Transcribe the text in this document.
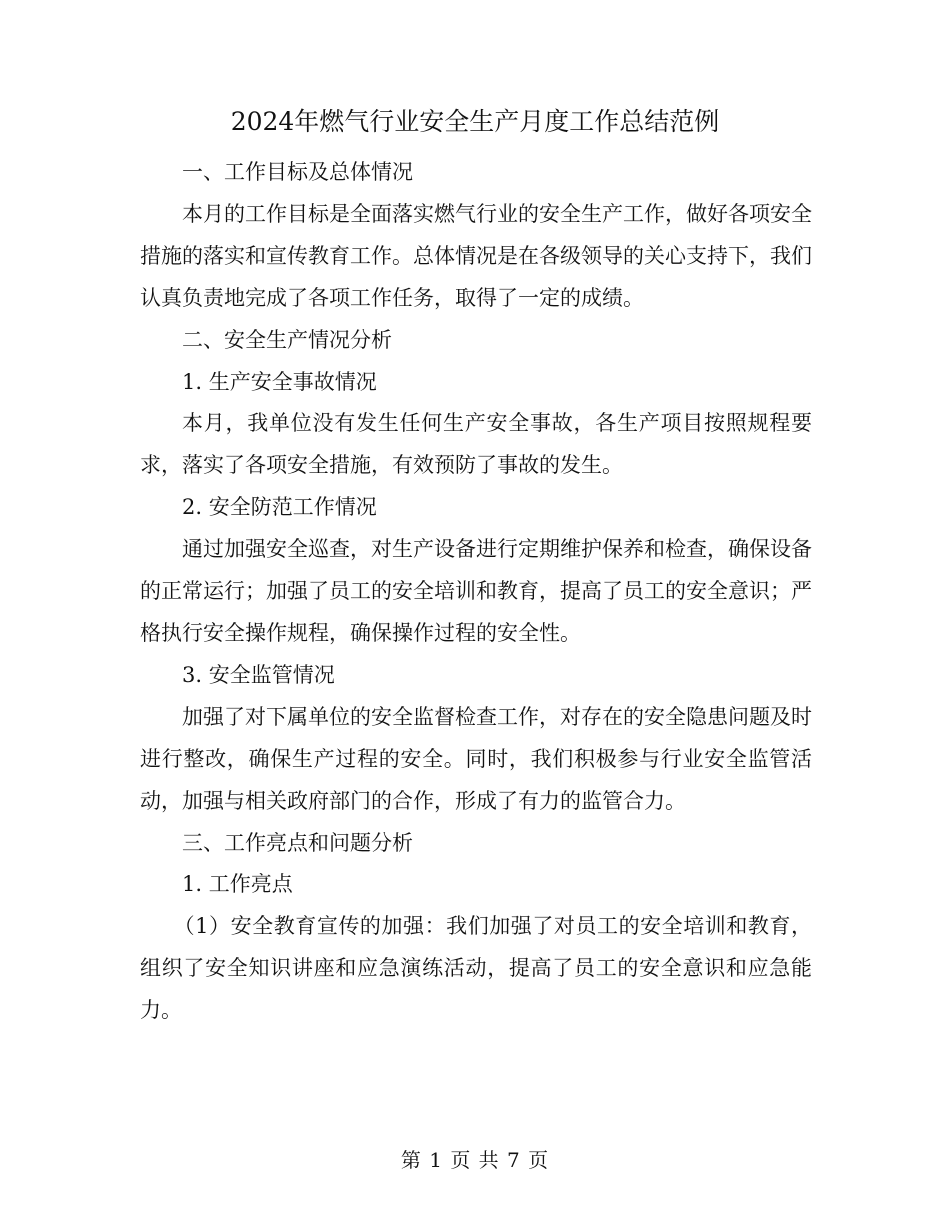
2024年燃气行业安全生产月度工作总结范例

一、工作目标及总体情况

本月的工作目标是全面落实燃气行业的安全生产工作，做好各项安全措施的落实和宣传教育工作。总体情况是在各级领导的关心支持下，我们认真负责地完成了各项工作任务，取得了一定的成绩。

二、安全生产情况分析

1. 生产安全事故情况

本月，我单位没有发生任何生产安全事故，各生产项目按照规程要求，落实了各项安全措施，有效预防了事故的发生。

2. 安全防范工作情况

通过加强安全巡查，对生产设备进行定期维护保养和检查，确保设备的正常运行；加强了员工的安全培训和教育，提高了员工的安全意识；严格执行安全操作规程，确保操作过程的安全性。

3. 安全监管情况

加强了对下属单位的安全监督检查工作，对存在的安全隐患问题及时进行整改，确保生产过程的安全。同时，我们积极参与行业安全监管活动，加强与相关政府部门的合作，形成了有力的监管合力。

三、工作亮点和问题分析

1. 工作亮点

（1）安全教育宣传的加强：我们加强了对员工的安全培训和教育，组织了安全知识讲座和应急演练活动，提高了员工的安全意识和应急能力。

第 1 页 共 7 页
